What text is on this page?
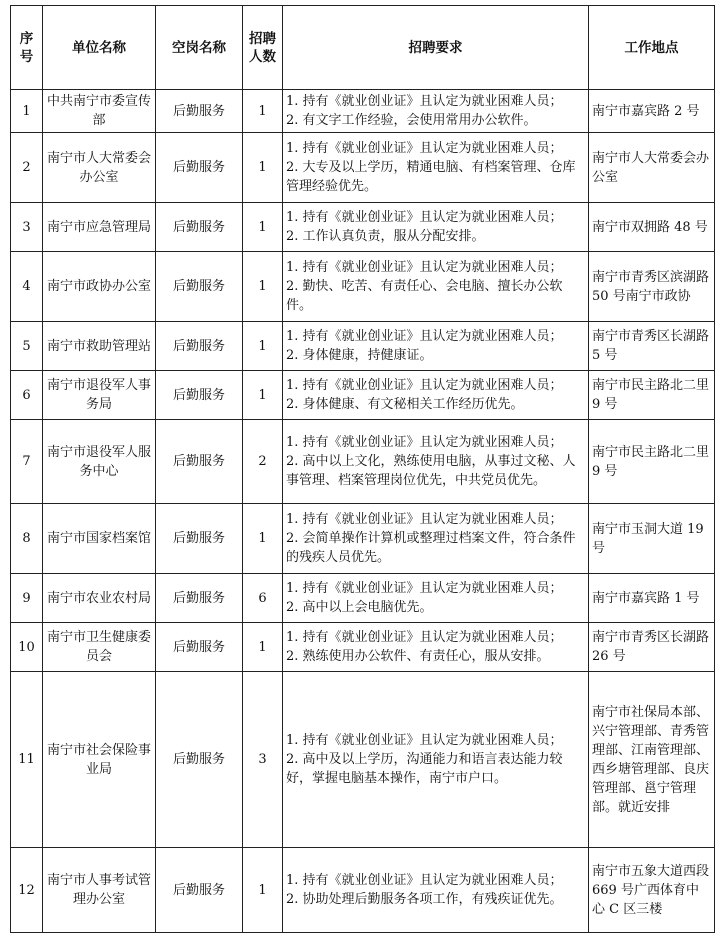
序号	单位名称	空岗名称	招聘人数	招聘要求	工作地点
1	中共南宁市委宣传部	后勤服务	1	1. 持有《就业创业证》且认定为就业困难人员；
2. 有文字工作经验，会使用常用办公软件。	南宁市嘉宾路 2 号
2	南宁市人大常委会办公室	后勤服务	1	1. 持有《就业创业证》且认定为就业困难人员；
2. 大专及以上学历，精通电脑、有档案管理、仓库管理经验优先。	南宁市人大常委会办公室
3	南宁市应急管理局	后勤服务	1	1. 持有《就业创业证》且认定为就业困难人员；
2. 工作认真负责，服从分配安排。	南宁市双拥路 48 号
4	南宁市政协办公室	后勤服务	1	1. 持有《就业创业证》且认定为就业困难人员；
2. 勤快、吃苦、有责任心、会电脑、擅长办公软件。	南宁市青秀区滨湖路 50 号南宁市政协
5	南宁市救助管理站	后勤服务	1	1. 持有《就业创业证》且认定为就业困难人员；
2. 身体健康，持健康证。	南宁市青秀区长湖路 5 号
6	南宁市退役军人事务局	后勤服务	1	1. 持有《就业创业证》且认定为就业困难人员；
2. 身体健康、有文秘相关工作经历优先。	南宁市民主路北二里 9 号
7	南宁市退役军人服务中心	后勤服务	2	1. 持有《就业创业证》且认定为就业困难人员；
2. 高中以上文化，熟练使用电脑，从事过文秘、人事管理、档案管理岗位优先，中共党员优先。	南宁市民主路北二里 9 号
8	南宁市国家档案馆	后勤服务	1	1. 持有《就业创业证》且认定为就业困难人员；
2. 会简单操作计算机或整理过档案文件，符合条件的残疾人员优先。	南宁市玉洞大道 19 号
9	南宁市农业农村局	后勤服务	6	1. 持有《就业创业证》且认定为就业困难人员；
2. 高中以上会电脑优先。	南宁市嘉宾路 1 号
10	南宁市卫生健康委员会	后勤服务	1	1. 持有《就业创业证》且认定为就业困难人员；
2. 熟练使用办公软件、有责任心，服从安排。	南宁市青秀区长湖路 26 号
11	南宁市社会保险事业局	后勤服务	3	1. 持有《就业创业证》且认定为就业困难人员；
2. 高中及以上学历，沟通能力和语言表达能力较好，掌握电脑基本操作，南宁市户口。	南宁市社保局本部、兴宁管理部、青秀管理部、江南管理部、西乡塘管理部、良庆管理部、邕宁管理部。就近安排
12	南宁市人事考试管理办公室	后勤服务	1	1. 持有《就业创业证》且认定为就业困难人员；
2. 协助处理后勤服务各项工作，有残疾证优先。	南宁市五象大道西段 669 号广西体育中心 C 区三楼
